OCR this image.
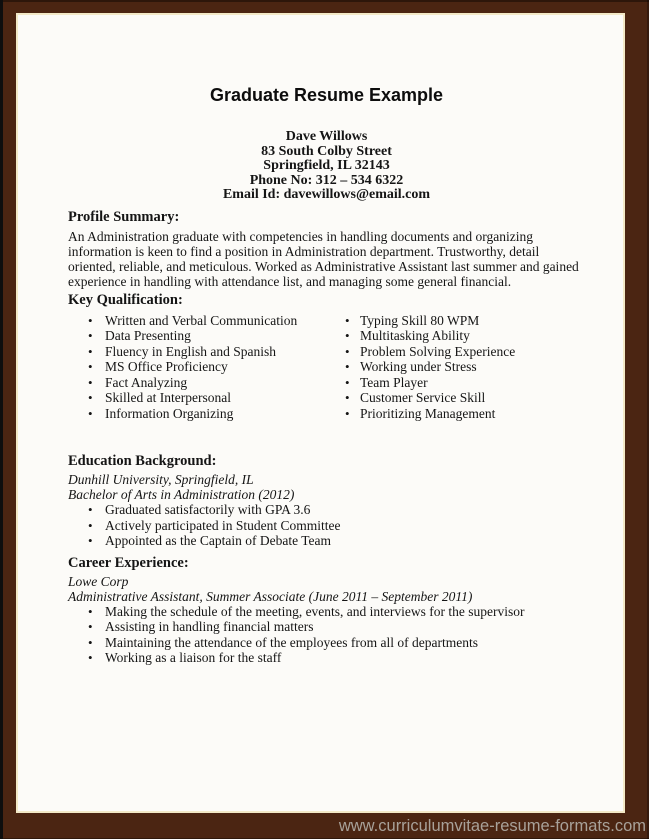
Graduate Resume Example
Dave Willows
83 South Colby Street
Springfield, IL 32143
Phone No: 312 – 534 6322
Email Id: davewillows@email.com
Profile Summary:
An Administration graduate with competencies in handling documents and organizing information is keen to find a position in Administration department. Trustworthy, detail oriented, reliable, and meticulous. Worked as Administrative Assistant last summer and gained experience in handling with attendance list, and managing some general financial.
Key Qualification:
• Written and Verbal Communication
• Data Presenting
• Fluency in English and Spanish
• MS Office Proficiency
• Fact Analyzing
• Skilled at Interpersonal
• Information Organizing
• Typing Skill 80 WPM
• Multitasking Ability
• Problem Solving Experience
• Working under Stress
• Team Player
• Customer Service Skill
• Prioritizing Management
Education Background:
Dunhill University, Springfield, IL
Bachelor of Arts in Administration (2012)
• Graduated satisfactorily with GPA 3.6
• Actively participated in Student Committee
• Appointed as the Captain of Debate Team
Career Experience:
Lowe Corp
Administrative Assistant, Summer Associate (June 2011 – September 2011)
• Making the schedule of the meeting, events, and interviews for the supervisor
• Assisting in handling financial matters
• Maintaining the attendance of the employees from all of departments
• Working as a liaison for the staff
www.curriculumvitae-resume-formats.com
